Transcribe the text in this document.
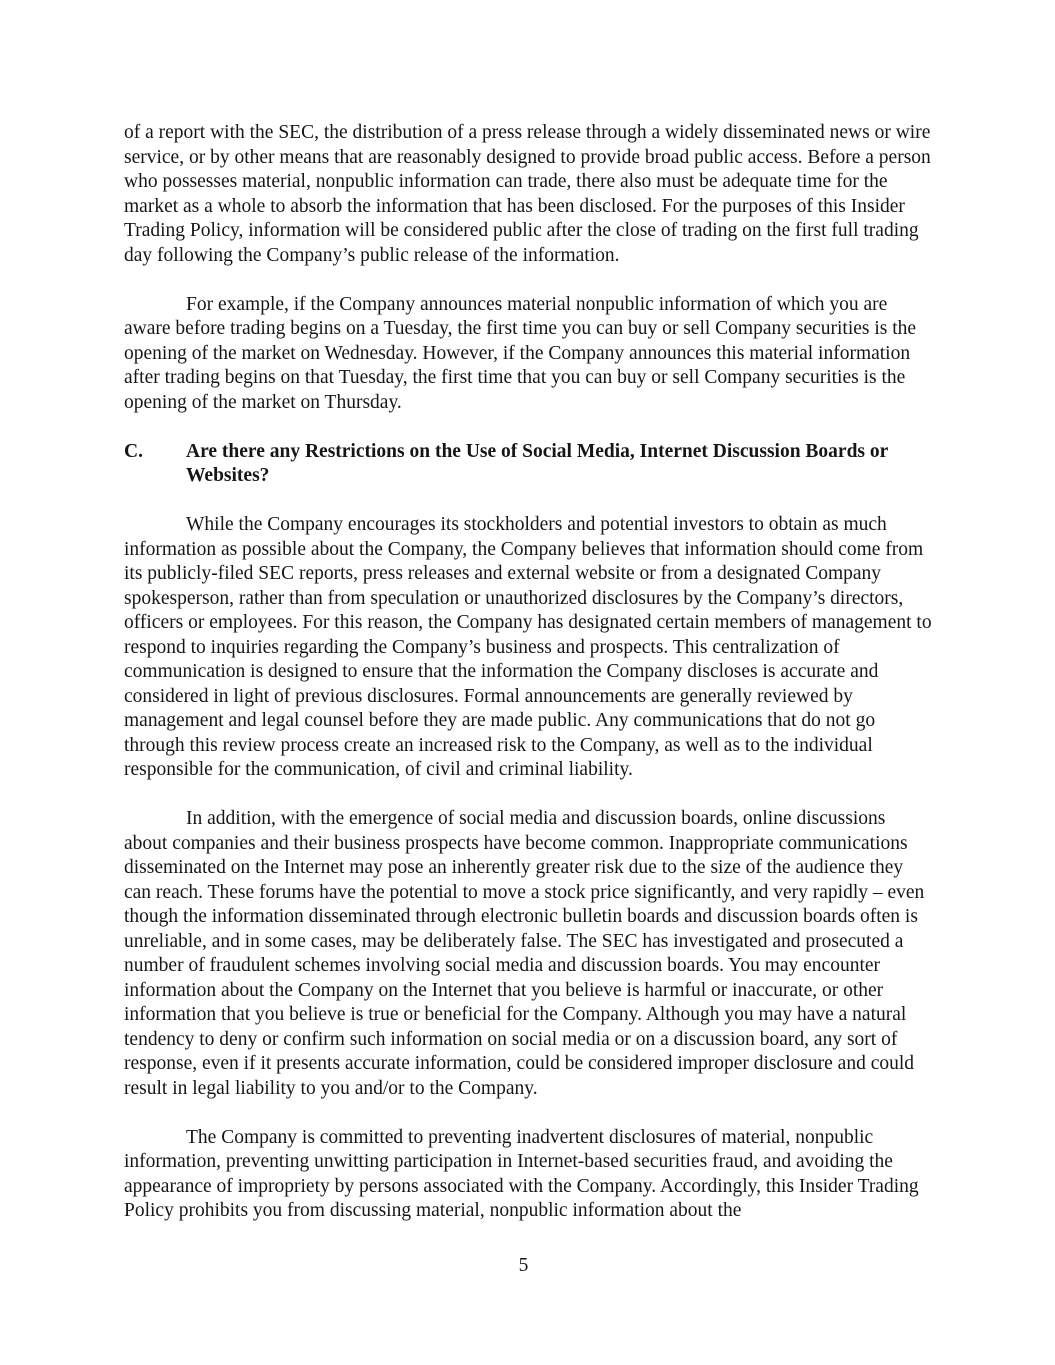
of a report with the SEC, the distribution of a press release through a widely disseminated news or wire service, or by other means that are reasonably designed to provide broad public access. Before a person who possesses material, nonpublic information can trade, there also must be adequate time for the market as a whole to absorb the information that has been disclosed. For the purposes of this Insider Trading Policy, information will be considered public after the close of trading on the first full trading day following the Company’s public release of the information.

For example, if the Company announces material nonpublic information of which you are aware before trading begins on a Tuesday, the first time you can buy or sell Company securities is the opening of the market on Wednesday. However, if the Company announces this material information after trading begins on that Tuesday, the first time that you can buy or sell Company securities is the opening of the market on Thursday.

C.	Are there any Restrictions on the Use of Social Media, Internet Discussion Boards or Websites?

While the Company encourages its stockholders and potential investors to obtain as much information as possible about the Company, the Company believes that information should come from its publicly-filed SEC reports, press releases and external website or from a designated Company spokesperson, rather than from speculation or unauthorized disclosures by the Company’s directors, officers or employees. For this reason, the Company has designated certain members of management to respond to inquiries regarding the Company’s business and prospects. This centralization of communication is designed to ensure that the information the Company discloses is accurate and considered in light of previous disclosures. Formal announcements are generally reviewed by management and legal counsel before they are made public. Any communications that do not go through this review process create an increased risk to the Company, as well as to the individual responsible for the communication, of civil and criminal liability.

In addition, with the emergence of social media and discussion boards, online discussions about companies and their business prospects have become common. Inappropriate communications disseminated on the Internet may pose an inherently greater risk due to the size of the audience they can reach. These forums have the potential to move a stock price significantly, and very rapidly – even though the information disseminated through electronic bulletin boards and discussion boards often is unreliable, and in some cases, may be deliberately false. The SEC has investigated and prosecuted a number of fraudulent schemes involving social media and discussion boards. You may encounter information about the Company on the Internet that you believe is harmful or inaccurate, or other information that you believe is true or beneficial for the Company. Although you may have a natural tendency to deny or confirm such information on social media or on a discussion board, any sort of response, even if it presents accurate information, could be considered improper disclosure and could result in legal liability to you and/or to the Company.

The Company is committed to preventing inadvertent disclosures of material, nonpublic information, preventing unwitting participation in Internet-based securities fraud, and avoiding the appearance of impropriety by persons associated with the Company. Accordingly, this Insider Trading Policy prohibits you from discussing material, nonpublic information about the

5
